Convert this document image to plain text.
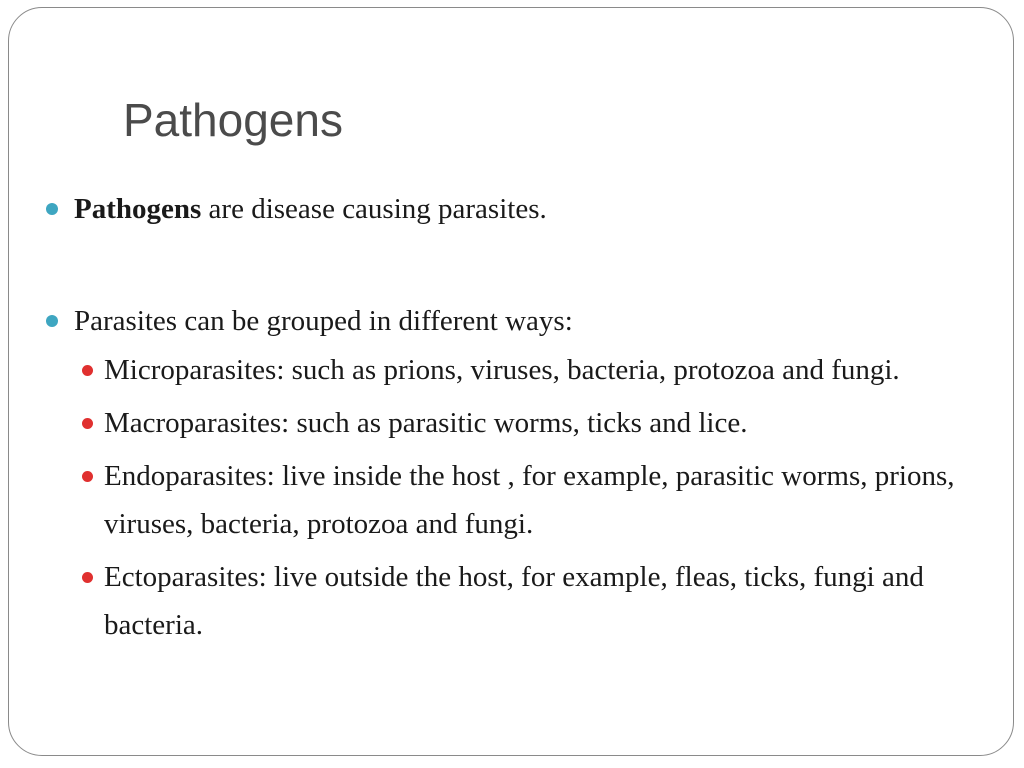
Pathogens
Pathogens are disease causing parasites.
Parasites can be grouped in different ways:
Microparasites: such as prions, viruses, bacteria, protozoa and fungi.
Macroparasites: such as parasitic worms, ticks and lice.
Endoparasites: live inside the host , for example, parasitic worms, prions, viruses, bacteria, protozoa and fungi.
Ectoparasites: live outside the host, for example, fleas, ticks, fungi and bacteria.
